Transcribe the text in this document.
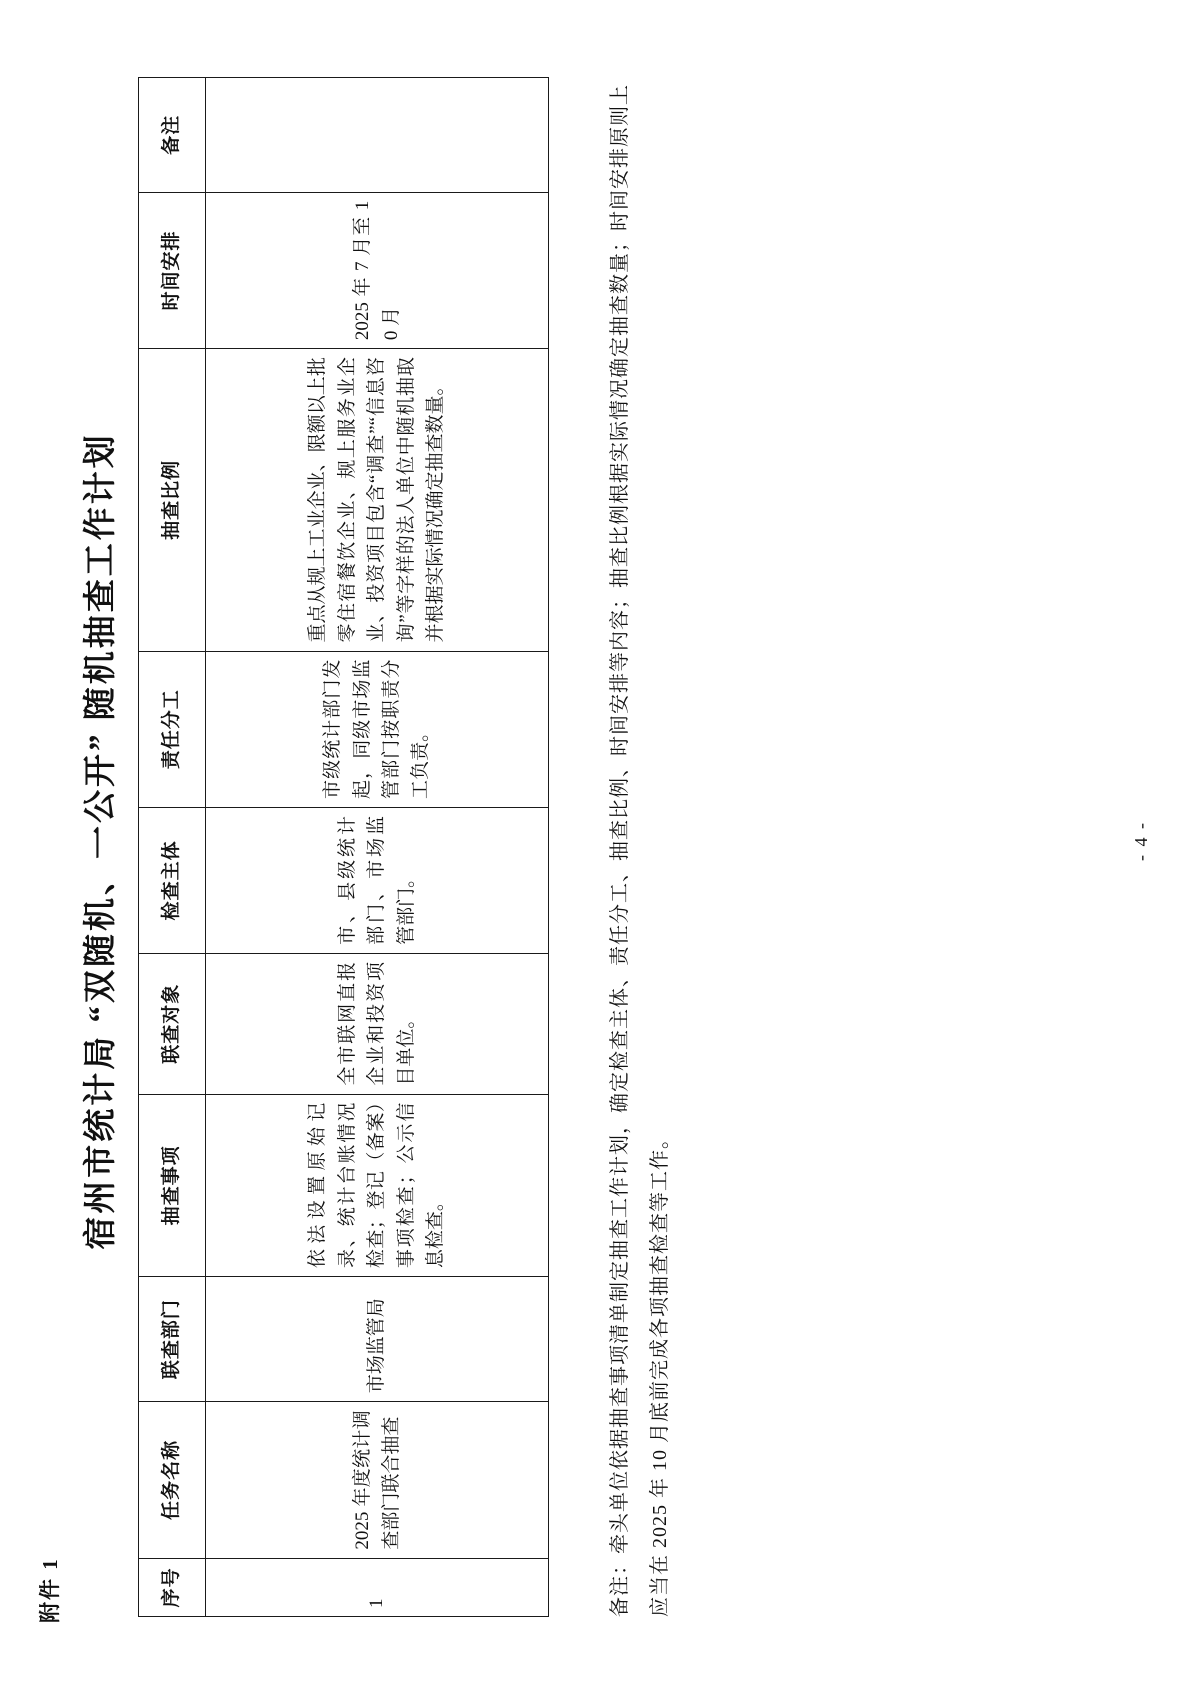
附件 1
宿州市统计局 “双随机、一公开” 随机抽查工作计划
序号	任务名称	联查部门	抽查事项	联查对象	检查主体	责任分工	抽查比例	时间安排	备注
1	2025 年度统计调查部门联合抽查	市场监管局	依法设置原始记录、统计台账情况检查；登记（备案）事项检查；公示信息检查。	全市联网直报企业和投资项目单位。	市、县级统计部门、市场监管部门。	市级统计部门发起，同级市场监管部门按职责分工负责。	重点从规上工业企业、限额以上批零住宿餐饮企业、规上服务业企业、投资项目包含“调查”“信息咨询”等字样的法人单位中随机抽取并根据实际情况确定抽查数量。	2025 年 7 月至 10 月		备注：牵头单位依据抽查事项清单制定抽查工作计划，确定检查主体、责任分工、抽查比例、时间安排等内容；抽查比例根据实际情况确定抽查数量；时间安排原则上应当在 2025 年 10 月底前完成各项抽查检查等工作。

- 4 -
